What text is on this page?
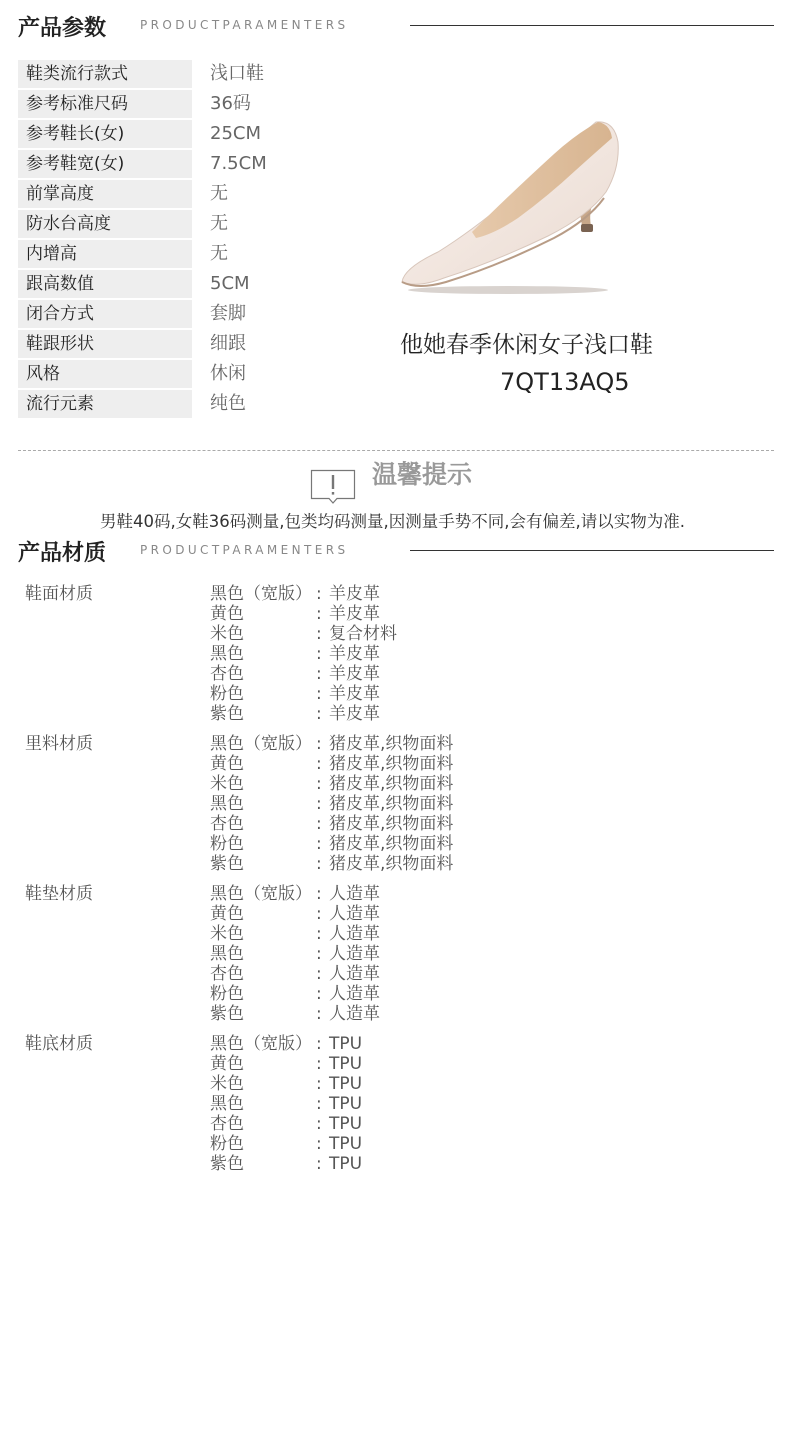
产品参数	PRODUCTPARAMENTERS
鞋类流行款式	浅口鞋
参考标准尺码	36码
参考鞋长(女)	25CM
参考鞋宽(女)	7.5CM
前掌高度	无
防水台高度	无
内增高	无
跟高数值	5CM
闭合方式	套脚
鞋跟形状	细跟
风格	休闲
流行元素	纯色
他她春季休闲女子浅口鞋
7QT13AQ5
温馨提示
男鞋40码,女鞋36码测量,包类均码测量,因测量手势不同,会有偏差,请以实物为准.
产品材质	PRODUCTPARAMENTERS
鞋面材质	黑色（宽版） : 羊皮革
黄色	: 羊皮革
米色	: 复合材料
黑色	: 羊皮革
杏色	: 羊皮革
粉色	: 羊皮革
紫色	: 羊皮革
里料材质	黑色（宽版） : 猪皮革,织物面料
黄色	: 猪皮革,织物面料
米色	: 猪皮革,织物面料
黑色	: 猪皮革,织物面料
杏色	: 猪皮革,织物面料
粉色	: 猪皮革,织物面料
紫色	: 猪皮革,织物面料
鞋垫材质	黑色（宽版） : 人造革
黄色	: 人造革
米色	: 人造革
黑色	: 人造革
杏色	: 人造革
粉色	: 人造革
紫色	: 人造革
鞋底材质	黑色（宽版） : TPU
黄色	: TPU
米色	: TPU
黑色	: TPU
杏色	: TPU
粉色	: TPU
紫色	: TPU
